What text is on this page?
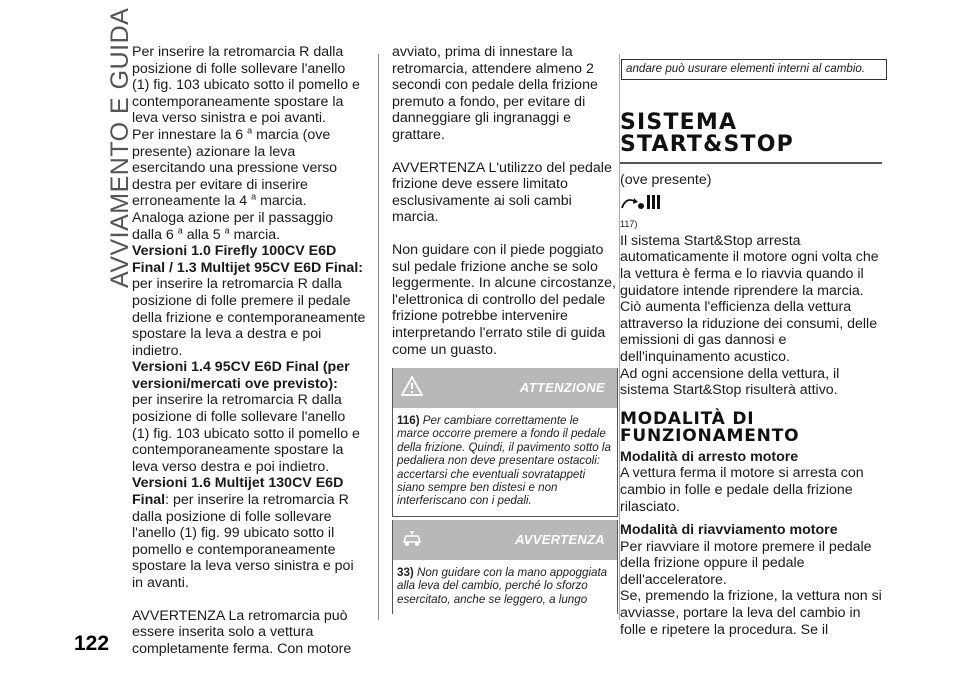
AVVIAMENTO E GUIDA
122

Per inserire la retromarcia R dalla posizione di folle sollevare l'anello (1) fig. 103 ubicato sotto il pomello e contemporaneamente spostare la leva verso sinistra e poi avanti.

Per innestare la 6 $^a$ marcia (ove presente) azionare la leva esercitando una pressione verso destra per evitare di inserire erroneamente la 4 $^a$ marcia.

Analoga azione per il passaggio dalla 6 $^a$ alla 5 $^a$ marcia.

Versioni 1.0 Firefly 100CV E6D Final / 1.3 Multijet 95CV E6D Final: per inserire la retromarcia R dalla posizione di folle premere il pedale della frizione e contemporaneamente spostare la leva a destra e poi indietro.

Versioni 1.4 95CV E6D Final (per versioni/mercati ove previsto):

per inserire la retromarcia R dalla posizione di folle sollevare l'anello (1) fig. 103 ubicato sotto il pomello e contemporaneamente spostare la leva verso destra e poi indietro.

Versioni 1.6 Multijet 130CV E6D Final: per inserire la retromarcia R dalla posizione di folle sollevare l'anello (1) fig. 99 ubicato sotto il pomello e contemporaneamente spostare la leva verso sinistra e poi in avanti.

AVVERTENZA La retromarcia può essere inserita solo a vettura completamente ferma. Con motore

avviato, prima di innestare la retromarcia, attendere almeno 2 secondi con pedale della frizione premuto a fondo, per evitare di danneggiare gli ingranaggi e grattare.

AVVERTENZA L'utilizzo del pedale frizione deve essere limitato esclusivamente ai soli cambi marcia.

Non guidare con il piede poggiato sul pedale frizione anche se solo leggermente. In alcune circostanze, l'elettronica di controllo del pedale frizione potrebbe intervenire interpretando l'errato stile di guida come un guasto.

ATTENZIONE
116) Per cambiare correttamente le marce occorre premere a fondo il pedale della frizione. Quindi, il pavimento sotto la pedaliera non deve presentare ostacoli: accertarsi che eventuali sovratappeti siano sempre ben distesi e non interferiscano con i pedali.
AVVERTENZA
33) Non guidare con la mano appoggiata alla leva del cambio, perché lo sforzo esercitato, anche se leggero, a lungo
andare può usurare elementi interni al cambio.
SISTEMA
START&STOP

(ove presente)

117)

Il sistema Start&Stop arresta automaticamente il motore ogni volta che la vettura è ferma e lo riavvia quando il guidatore intende riprendere la marcia.

Ciò aumenta l'efficienza della vettura attraverso la riduzione dei consumi, delle emissioni di gas dannosi e dell'inquinamento acustico.

Ad ogni accensione della vettura, il sistema Start&Stop risulterà attivo.

MODALITÀ DI
FUNZIONAMENTO

Modalità di arresto motore

A vettura ferma il motore si arresta con cambio in folle e pedale della frizione rilasciato.

Modalità di riavviamento motore

Per riavviare il motore premere il pedale della frizione oppure il pedale dell'acceleratore.

Se, premendo la frizione, la vettura non si avviasse, portare la leva del cambio in folle e ripetere la procedura. Se il
